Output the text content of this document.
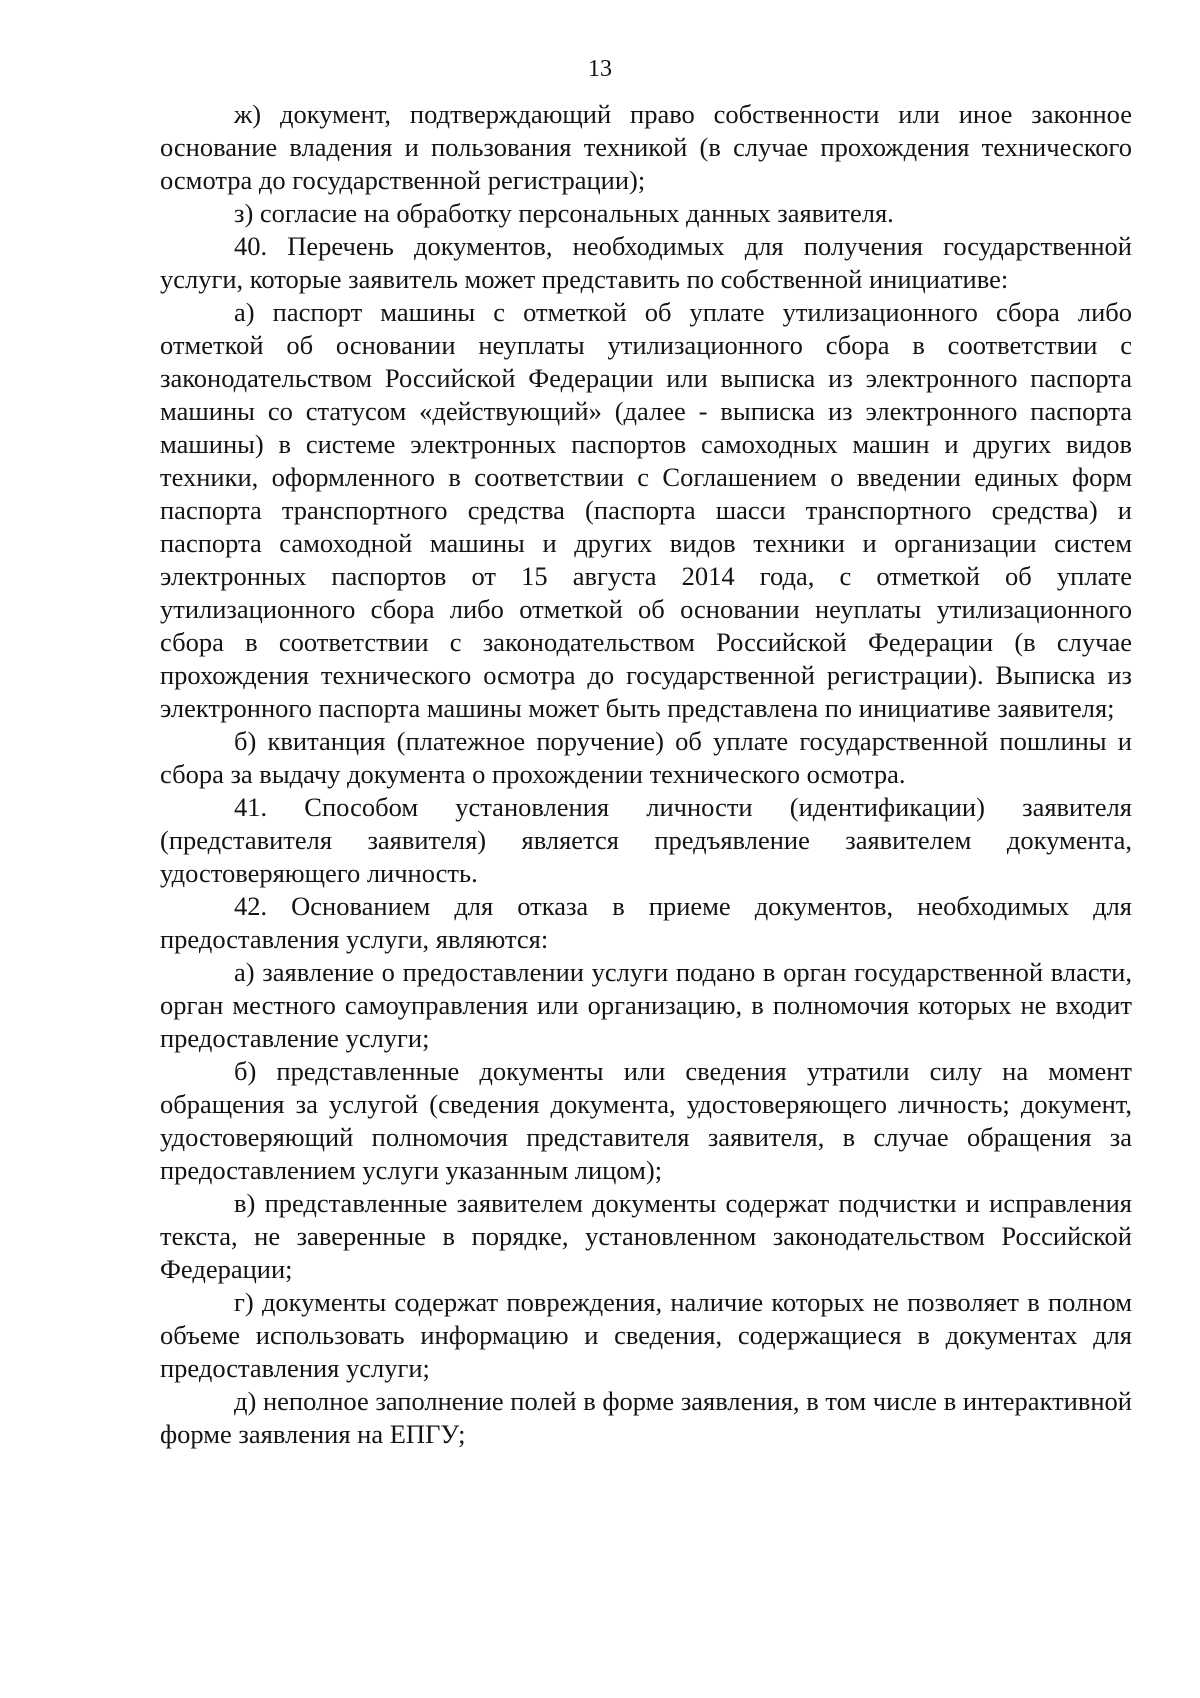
13

ж) документ, подтверждающий право собственности или иное законное основание владения и пользования техникой (в случае прохождения технического осмотра до государственной регистрации);

з) согласие на обработку персональных данных заявителя.

40. Перечень документов, необходимых для получения государственной услуги, которые заявитель может представить по собственной инициативе:

а) паспорт машины с отметкой об уплате утилизационного сбора либо отметкой об основании неуплаты утилизационного сбора в соответствии с законодательством Российской Федерации или выписка из электронного паспорта машины со статусом «действующий» (далее - выписка из электронного паспорта машины) в системе электронных паспортов самоходных машин и других видов техники, оформленного в соответствии с Соглашением о введении единых форм паспорта транспортного средства (паспорта шасси транспортного средства) и паспорта самоходной машины и других видов техники и организации систем электронных паспортов от 15 августа 2014 года, с отметкой об уплате утилизационного сбора либо отметкой об основании неуплаты утилизационного сбора в соответствии с законодательством Российской Федерации (в случае прохождения технического осмотра до государственной регистрации). Выписка из электронного паспорта машины может быть представлена по инициативе заявителя;

б) квитанция (платежное поручение) об уплате государственной пошлины и сбора за выдачу документа о прохождении технического осмотра.

41. Способом установления личности (идентификации) заявителя (представителя заявителя) является предъявление заявителем документа, удостоверяющего личность.

42. Основанием для отказа в приеме документов, необходимых для предоставления услуги, являются:

а) заявление о предоставлении услуги подано в орган государственной власти, орган местного самоуправления или организацию, в полномочия которых не входит предоставление услуги;

б) представленные документы или сведения утратили силу на момент обращения за услугой (сведения документа, удостоверяющего личность; документ, удостоверяющий полномочия представителя заявителя, в случае обращения за предоставлением услуги указанным лицом);

в) представленные заявителем документы содержат подчистки и исправления текста, не заверенные в порядке, установленном законодательством Российской Федерации;

г) документы содержат повреждения, наличие которых не позволяет в полном объеме использовать информацию и сведения, содержащиеся в документах для предоставления услуги;

д) неполное заполнение полей в форме заявления, в том числе в интерактивной форме заявления на ЕПГУ;
